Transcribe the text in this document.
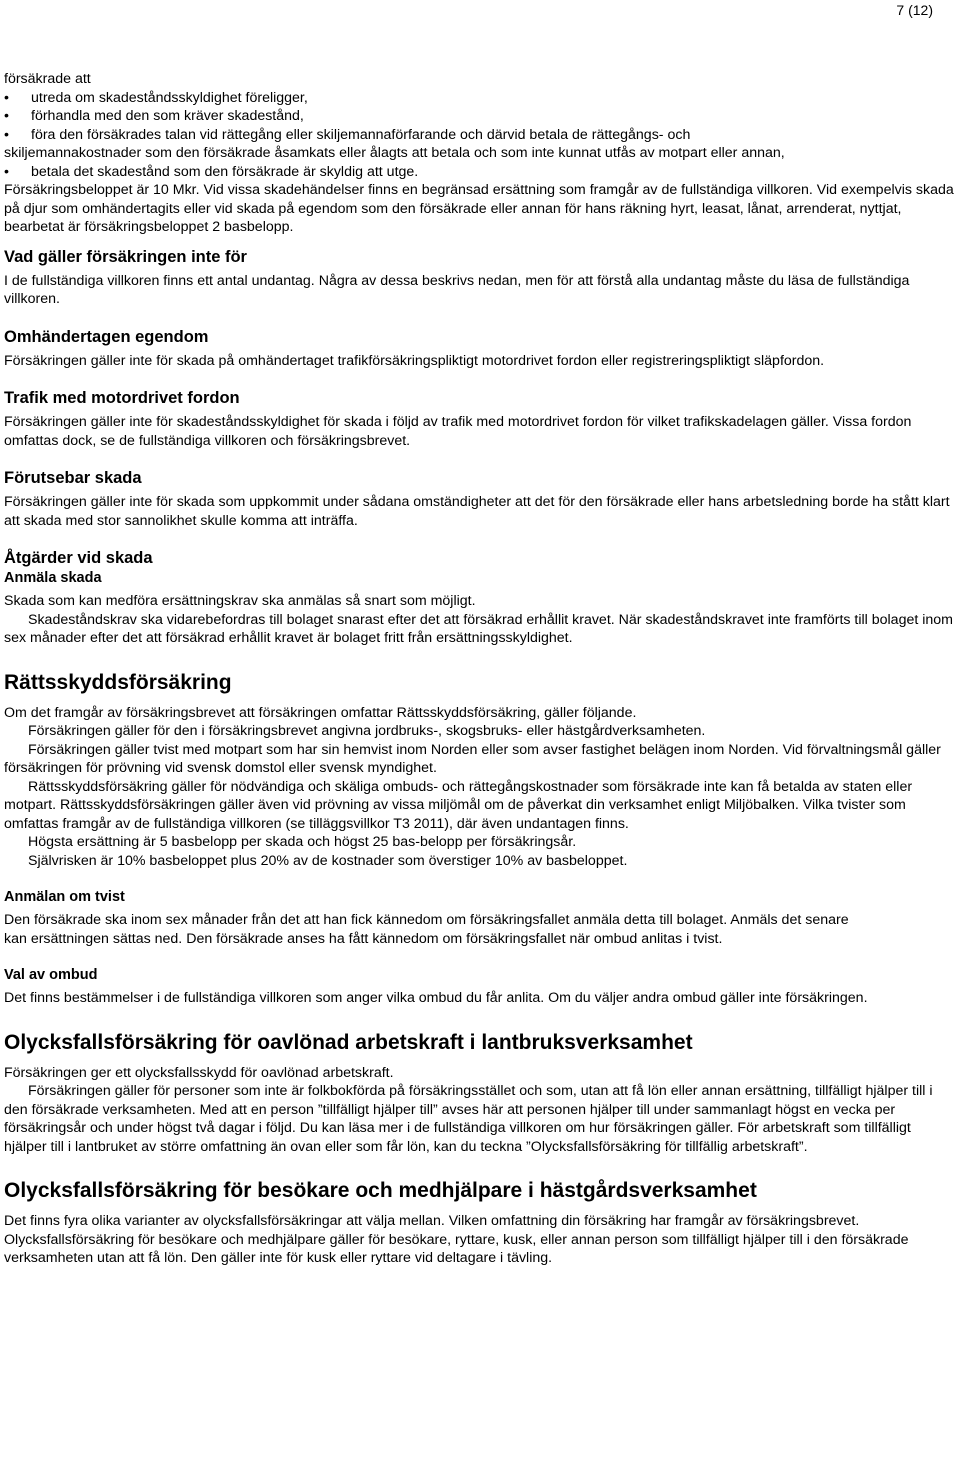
7 (12)

försäkrade att

•	utreda om skadeståndsskyldighet föreligger,
•	förhandla med den som kräver skadestånd,
•	föra den försäkrades talan vid rättegång eller skiljemannaförfarande och därvid betala de rättegångs- och

skiljemannakostnader som den försäkrade åsamkats eller ålagts att betala och som inte kunnat utfås av motpart eller annan,

•	betala det skadestånd som den försäkrade är skyldig att utge.

Försäkringsbeloppet är 10 Mkr. Vid vissa skadehändelser finns en begränsad ersättning som framgår av de fullständiga villkoren. Vid exempelvis skada på djur som omhändertagits eller vid skada på egendom som den försäkrade eller annan för hans räkning hyrt, leasat, lånat, arrenderat, nyttjat, bearbetat är försäkringsbeloppet 2 basbelopp.

Vad gäller försäkringen inte för

I de fullständiga villkoren finns ett antal undantag. Några av dessa beskrivs nedan, men för att förstå alla undantag måste du läsa de fullständiga villkoren.

Omhändertagen egendom

Försäkringen gäller inte för skada på omhändertaget trafikförsäkringspliktigt motordrivet fordon eller registreringspliktigt släpfordon.

Trafik med motordrivet fordon

Försäkringen gäller inte för skadeståndsskyldighet för skada i följd av trafik med motordrivet fordon för vilket trafikskadelagen gäller. Vissa fordon omfattas dock, se de fullständiga villkoren och försäkringsbrevet.

Förutsebar skada

Försäkringen gäller inte för skada som uppkommit under sådana omständigheter att det för den försäkrade eller hans arbetsledning borde ha stått klart att skada med stor sannolikhet skulle komma att inträffa.

Åtgärder vid skada

Anmäla skada

Skada som kan medföra ersättningskrav ska anmälas så snart som möjligt.

Skadeståndskrav ska vidarebefordras till bolaget snarast efter det att försäkrad erhållit kravet. När skadeståndskravet inte framförts till bolaget inom sex månader efter det att försäkrad erhållit kravet är bolaget fritt från ersättningsskyldighet.

Rättsskyddsförsäkring

Om det framgår av försäkringsbrevet att försäkringen omfattar Rättsskyddsförsäkring, gäller följande.

Försäkringen gäller för den i försäkringsbrevet angivna jordbruks-, skogsbruks- eller hästgårdverksamheten.

Försäkringen gäller tvist med motpart som har sin hemvist inom Norden eller som avser fastighet belägen inom Norden. Vid förvaltningsmål gäller försäkringen för prövning vid svensk domstol eller svensk myndighet.

Rättsskyddsförsäkring gäller för nödvändiga och skäliga ombuds- och rättegångskostnader som försäkrade inte kan få betalda av staten eller motpart. Rättsskyddsförsäkringen gäller även vid prövning av vissa miljömål om de påverkat din verksamhet enligt Miljöbalken. Vilka tvister som omfattas framgår av de fullständiga villkoren (se tilläggsvillkor T3 2011), där även undantagen finns.

Högsta ersättning är 5 basbelopp per skada och högst 25 bas-belopp per försäkringsår.

Självrisken är 10% basbeloppet plus 20% av de kostnader som överstiger 10% av basbeloppet.

Anmälan om tvist

Den försäkrade ska inom sex månader från det att han fick kännedom om försäkringsfallet anmäla detta till bolaget. Anmäls det senare

kan ersättningen sättas ned. Den försäkrade anses ha fått kännedom om försäkringsfallet när ombud anlitas i tvist.

Val av ombud

Det finns bestämmelser i de fullständiga villkoren som anger vilka ombud du får anlita. Om du väljer andra ombud gäller inte försäkringen.

Olycksfallsförsäkring för oavlönad arbetskraft i lantbruksverksamhet

Försäkringen ger ett olycksfallsskydd för oavlönad arbetskraft.

Försäkringen gäller för personer som inte är folkbokförda på försäkringsstället och som, utan att få lön eller annan ersättning, tillfälligt hjälper till i den försäkrade verksamheten. Med att en person ”tillfälligt hjälper till” avses här att personen hjälper till under sammanlagt högst en vecka per försäkringsår och under högst två dagar i följd. Du kan läsa mer i de fullständiga villkoren om hur försäkringen gäller. För arbetskraft som tillfälligt hjälper till i lantbruket av större omfattning än ovan eller som får lön, kan du teckna ”Olycksfallsförsäkring för tillfällig arbetskraft”.

Olycksfallsförsäkring för besökare och medhjälpare i hästgårdsverksamhet

Det finns fyra olika varianter av olycksfallsförsäkringar att välja mellan. Vilken omfattning din försäkring har framgår av försäkringsbrevet.

Olycksfallsförsäkring för besökare och medhjälpare gäller för besökare, ryttare, kusk, eller annan person som tillfälligt hjälper till i den försäkrade verksamheten utan att få lön. Den gäller inte för kusk eller ryttare vid deltagare i tävling.
